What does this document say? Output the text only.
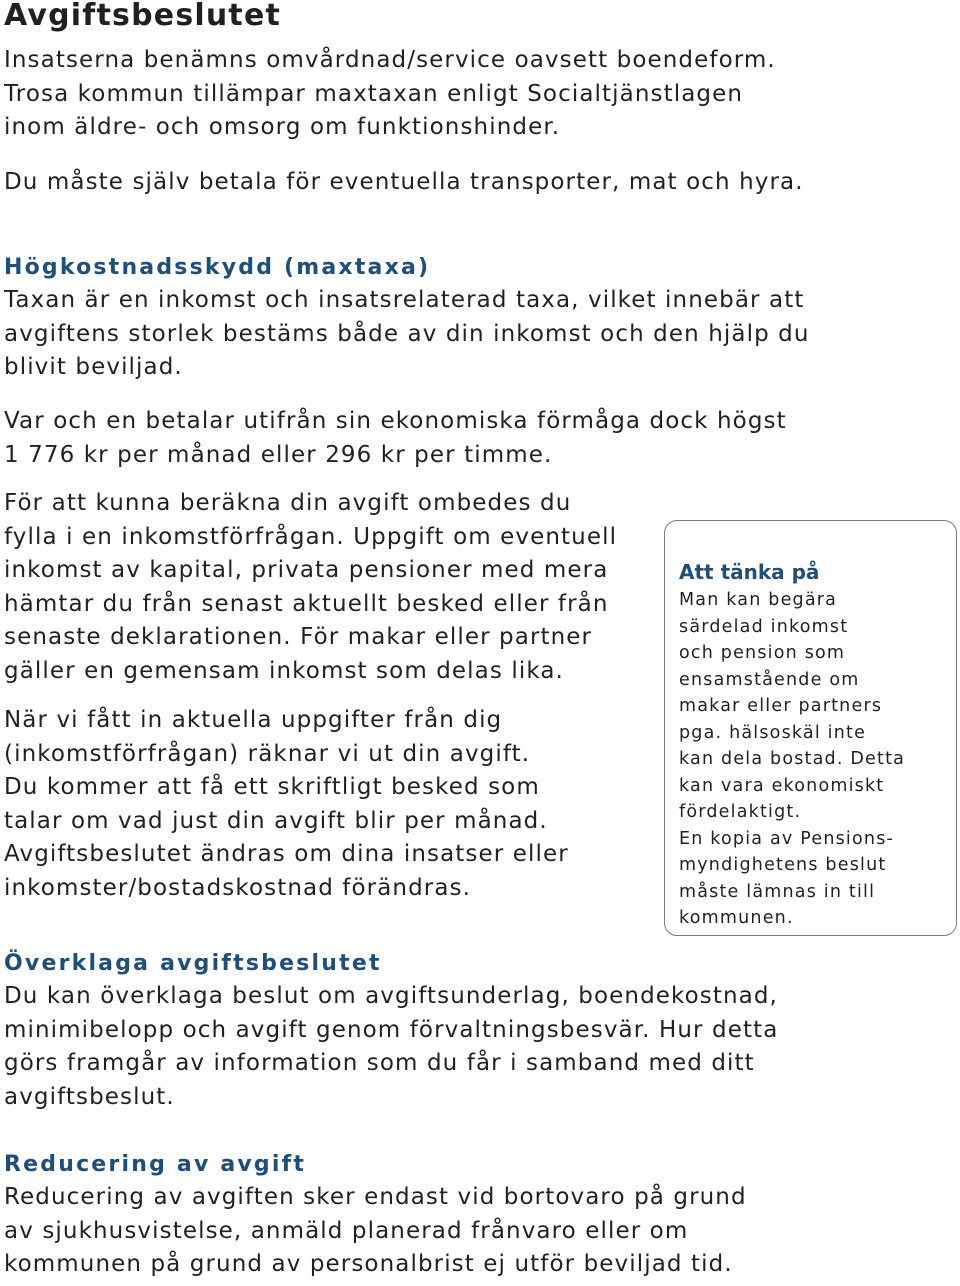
Avgiftsbeslutet

Insatserna benämns omvårdnad/service oavsett boendeform.
Trosa kommun tillämpar maxtaxan enligt Socialtjänstlagen
inom äldre- och omsorg om funktionshinder.

Du måste själv betala för eventuella transporter, mat och hyra.

Högkostnadsskydd (maxtaxa)

Taxan är en inkomst och insatsrelaterad taxa, vilket innebär att
avgiftens storlek bestäms både av din inkomst och den hjälp du
blivit beviljad.

Var och en betalar utifrån sin ekonomiska förmåga dock högst
1 776 kr per månad eller 296 kr per timme.

För att kunna beräkna din avgift ombedes du
fylla i en inkomstförfrågan. Uppgift om eventuell
inkomst av kapital, privata pensioner med mera
hämtar du från senast aktuellt besked eller från
senaste deklarationen. För makar eller partner
gäller en gemensam inkomst som delas lika.

När vi fått in aktuella uppgifter från dig
(inkomstförfrågan) räknar vi ut din avgift.
Du kommer att få ett skriftligt besked som
talar om vad just din avgift blir per månad.
Avgiftsbeslutet ändras om dina insatser eller
inkomster/bostadskostnad förändras.

Att tänka på

Man kan begära
särdelad inkomst
och pension som
ensamstående om
makar eller partners
pga. hälsoskäl inte
kan dela bostad. Detta
kan vara ekonomiskt
fördelaktigt.
En kopia av Pensions-
myndighetens beslut
måste lämnas in till
kommunen.

Överklaga avgiftsbeslutet

Du kan överklaga beslut om avgiftsunderlag, boendekostnad,
minimibelopp och avgift genom förvaltningsbesvär. Hur detta
görs framgår av information som du får i samband med ditt
avgiftsbeslut.

Reducering av avgift

Reducering av avgiften sker endast vid bortovaro på grund
av sjukhusvistelse, anmäld planerad frånvaro eller om
kommunen på grund av personalbrist ej utför beviljad tid.
